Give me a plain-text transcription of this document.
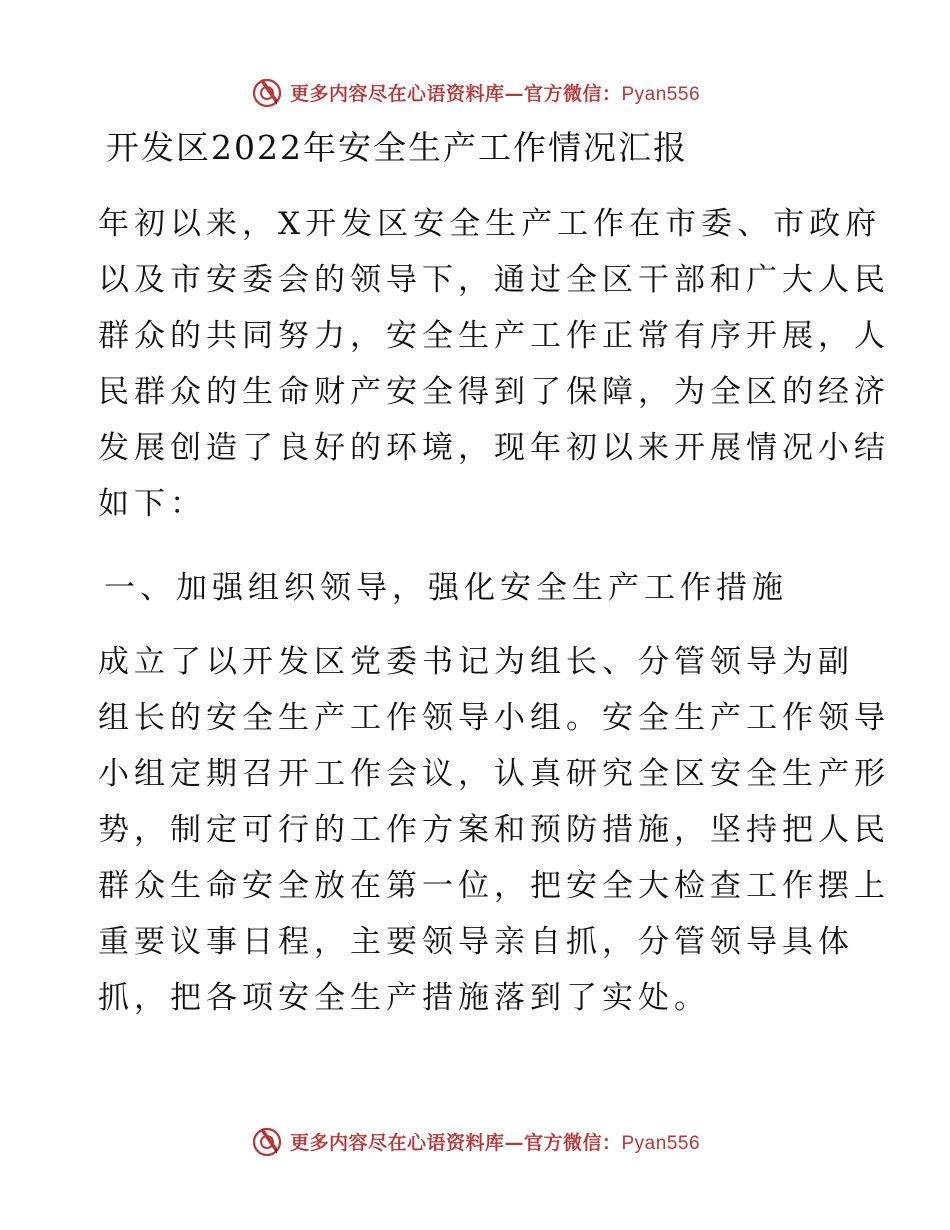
更多内容尽在心语资料库—官方微信：Pyan556
开发区2022年安全生产工作情况汇报
年初以来，X开发区安全生产工作在市委、市政府
以及市安委会的领导下，通过全区干部和广大人民
群众的共同努力，安全生产工作正常有序开展，人
民群众的生命财产安全得到了保障，为全区的经济
发展创造了良好的环境，现年初以来开展情况小结
如下：
一、加强组织领导，强化安全生产工作措施
成立了以开发区党委书记为组长、分管领导为副
组长的安全生产工作领导小组。安全生产工作领导
小组定期召开工作会议，认真研究全区安全生产形
势，制定可行的工作方案和预防措施，坚持把人民
群众生命安全放在第一位，把安全大检查工作摆上
重要议事日程，主要领导亲自抓，分管领导具体
抓，把各项安全生产措施落到了实处。
更多内容尽在心语资料库—官方微信：Pyan556
